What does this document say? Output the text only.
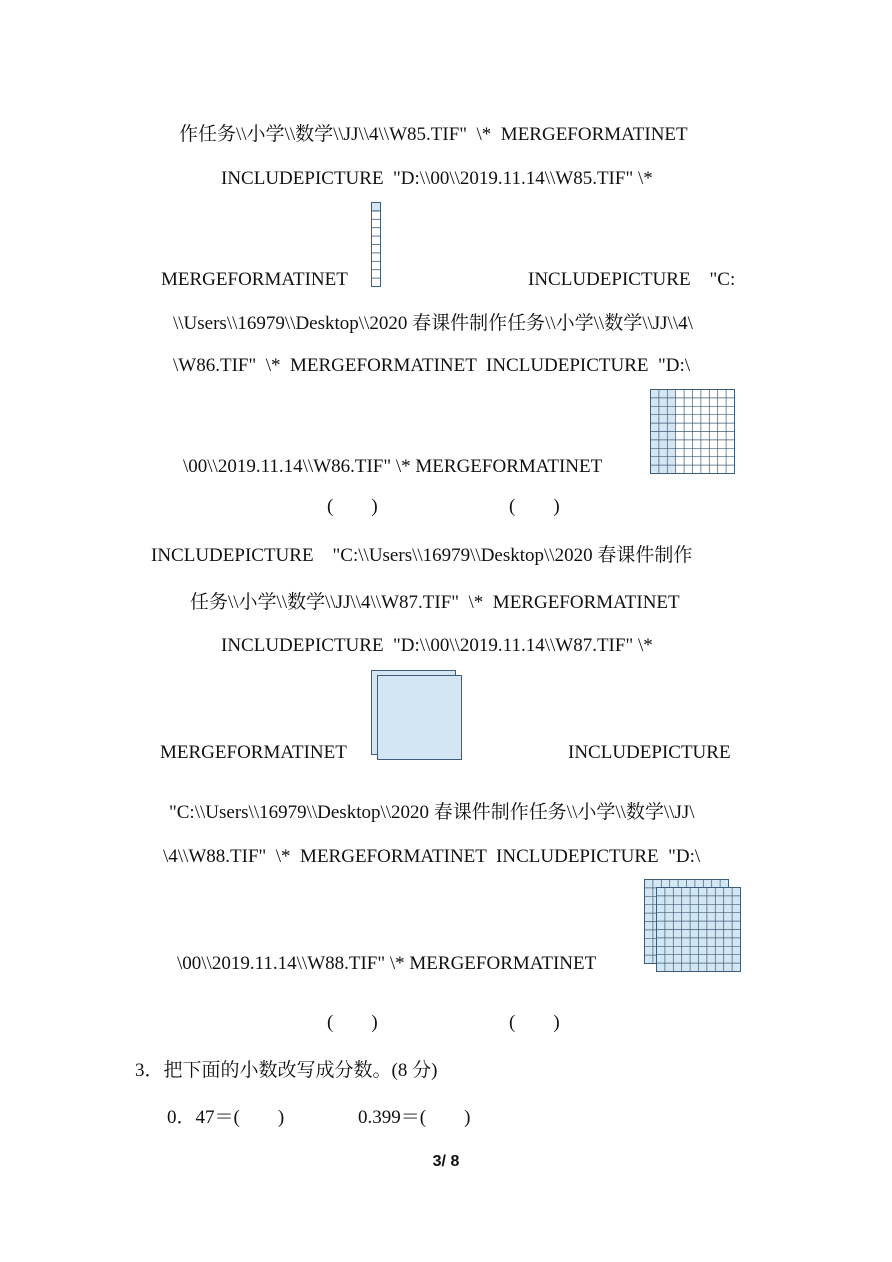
作任务\\小学\\数学\\JJ\\4\\W85.TIF"  \*  MERGEFORMATINET
INCLUDEPICTURE  "D:\\00\\2019.11.14\\W85.TIF" \*
MERGEFORMATINET	INCLUDEPICTURE    "C:
\\Users\\16979\\Desktop\\2020 春课件制作任务\\小学\\数学\\JJ\\4\
\W86.TIF"  \*  MERGEFORMATINET  INCLUDEPICTURE  "D:\
\00\\2019.11.14\\W86.TIF" \* MERGEFORMATINET
(        )	(        )
INCLUDEPICTURE    "C:\\Users\\16979\\Desktop\\2020 春课件制作
任务\\小学\\数学\\JJ\\4\\W87.TIF"  \*  MERGEFORMATINET
INCLUDEPICTURE  "D:\\00\\2019.11.14\\W87.TIF" \*
MERGEFORMATINET	INCLUDEPICTURE
"C:\\Users\\16979\\Desktop\\2020 春课件制作任务\\小学\\数学\\JJ\
\4\\W88.TIF"  \*  MERGEFORMATINET  INCLUDEPICTURE  "D:\
\00\\2019.11.14\\W88.TIF" \* MERGEFORMATINET
(        )	(        )
3．把下面的小数改写成分数。(8 分)
0．47＝(        )	0.399＝(        )
3/ 8
